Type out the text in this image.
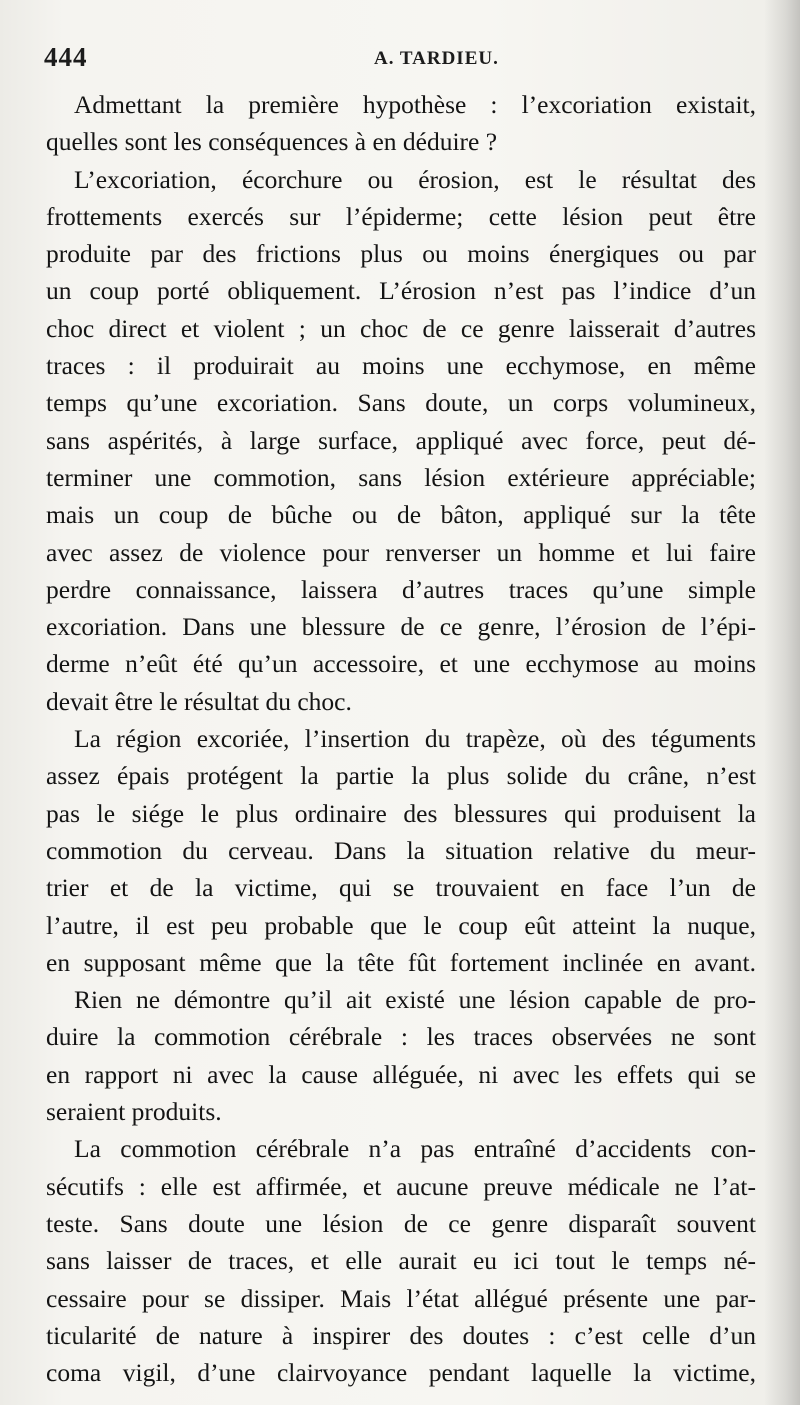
444	A. TARDIEU.
Admettant la première hypothèse : l’excoriation existait,
quelles sont les conséquences à en déduire ?
L’excoriation, écorchure ou érosion, est le résultat des
frottements exercés sur l’épiderme; cette lésion peut être
produite par des frictions plus ou moins énergiques ou par
un coup porté obliquement. L’érosion n’est pas l’indice d’un
choc direct et violent ; un choc de ce genre laisserait d’autres
traces : il produirait au moins une ecchymose, en même
temps qu’une excoriation. Sans doute, un corps volumineux,
sans aspérités, à large surface, appliqué avec force, peut dé-
terminer une commotion, sans lésion extérieure appréciable;
mais un coup de bûche ou de bâton, appliqué sur la tête
avec assez de violence pour renverser un homme et lui faire
perdre connaissance, laissera d’autres traces qu’une simple
excoriation. Dans une blessure de ce genre, l’érosion de l’épi-
derme n’eût été qu’un accessoire, et une ecchymose au moins
devait être le résultat du choc.
La région excoriée, l’insertion du trapèze, où des téguments
assez épais protégent la partie la plus solide du crâne, n’est
pas le siége le plus ordinaire des blessures qui produisent la
commotion du cerveau. Dans la situation relative du meur-
trier et de la victime, qui se trouvaient en face l’un de
l’autre, il est peu probable que le coup eût atteint la nuque,
en supposant même que la tête fût fortement inclinée en avant.
Rien ne démontre qu’il ait existé une lésion capable de pro-
duire la commotion cérébrale : les traces observées ne sont
en rapport ni avec la cause alléguée, ni avec les effets qui se
seraient produits.
La commotion cérébrale n’a pas entraîné d’accidents con-
sécutifs : elle est affirmée, et aucune preuve médicale ne l’at-
teste. Sans doute une lésion de ce genre disparaît souvent
sans laisser de traces, et elle aurait eu ici tout le temps né-
cessaire pour se dissiper. Mais l’état allégué présente une par-
ticularité de nature à inspirer des doutes : c’est celle d’un
coma vigil, d’une clairvoyance pendant laquelle la victime,
